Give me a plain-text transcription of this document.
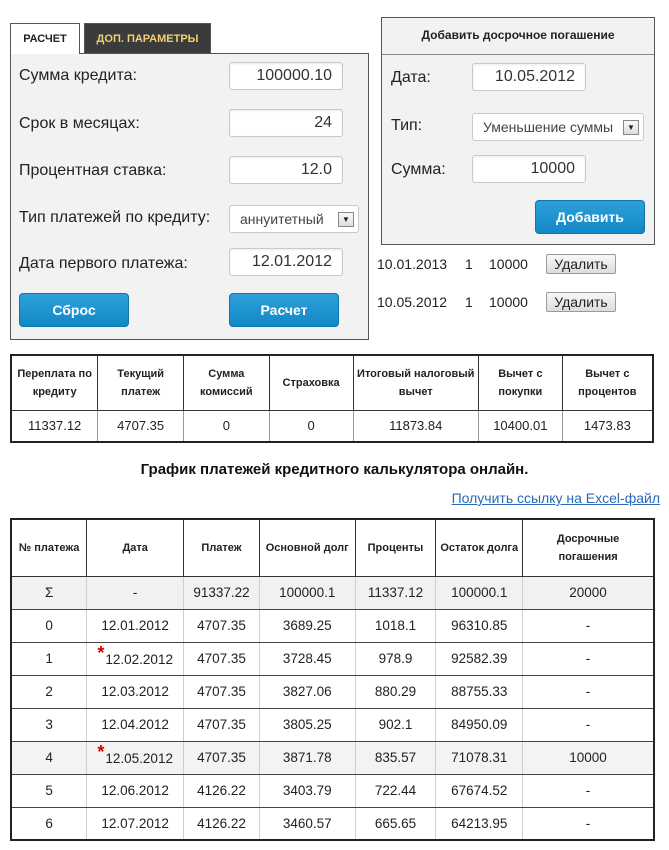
РАСЧЕТ	ДОП. ПАРАМЕТРЫ
Сумма кредита:
100000.10
Срок в месяцах:
24
Процентная ставка:
12.0
Тип платежей по кредиту: аннуитетный	▼
Дата первого платежа:
12.01.2012
Сброс	Расчет
Добавить досрочное погашение
Дата:
10.05.2012
Тип:	Уменьшение суммы	▼
Сумма:
10000
Добавить
10.01.2013 1 10000	Удалить
10.05.2012 1 10000	Удалить
Переплата по кредиту	Текущий платеж	Сумма комиссий	Страховка	Итоговый налоговый вычет	Вычет с покупки	Вычет с процентов
11337.12	4707.35	0	0	11873.84	10400.01	1473.83
График платежей кредитного калькулятора онлайн.
Получить ссылку на Excel-файл
№ платежа	Дата	Платеж	Основной долг	Проценты	Остаток долга	Досрочные погашения
Σ	-	91337.22	100000.1	11337.12	100000.1	20000
0	12.01.2012	4707.35	3689.25	1018.1	96310.85	-
1	*12.02.2012	4707.35	3728.45	978.9	92582.39	-
2	12.03.2012	4707.35	3827.06	880.29	88755.33	-
3	12.04.2012	4707.35	3805.25	902.1	84950.09	-
4	*12.05.2012	4707.35	3871.78	835.57	71078.31	10000
5	12.06.2012	4126.22	3403.79	722.44	67674.52	-
6	12.07.2012	4126.22	3460.57	665.65	64213.95	-
